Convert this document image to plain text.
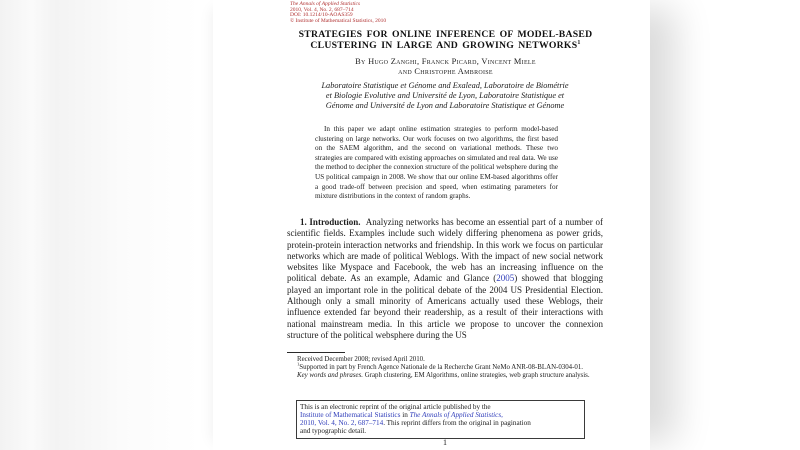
The Annals of Applied Statistics
2010, Vol. 4, No. 2, 687–714
DOI: 10.1214/10-AOAS359
© Institute of Mathematical Statistics, 2010
STRATEGIES FOR ONLINE INFERENCE OF MODEL-BASED
CLUSTERING IN LARGE AND GROWING NETWORKS$^1$
By Hugo Zanghi, Franck Picard, Vincent Miele
and Christophe Ambroise
Laboratoire Statistique et Génome and Exalead, Laboratoire de Biométrie
et Biologie Evolutive and Université de Lyon, Laboratoire Statistique et
Génome and Université de Lyon and Laboratoire Statistique et Génome
In this paper we adapt online estimation strategies to perform model-based clustering on large networks. Our work focuses on two algorithms, the first based on the SAEM algorithm, and the second on variational methods. These two strategies are compared with existing approaches on simulated and real data. We use the method to decipher the connexion structure of the political websphere during the US political campaign in 2008. We show that our online EM-based algorithms offer a good trade-off between precision and speed, when estimating parameters for mixture distributions in the context of random graphs.

1. Introduction. Analyzing networks has become an essential part of a number of scientific fields. Examples include such widely differing phenomena as power grids, protein-protein interaction networks and friendship. In this work we focus on particular networks which are made of political Weblogs. With the impact of new social network websites like Myspace and Facebook, the web has an increasing influence on the political debate. As an example, Adamic and Glance (2005) showed that blogging played an important role in the political debate of the 2004 US Presidential Election. Although only a small minority of Americans actually used these Weblogs, their influence extended far beyond their readership, as a result of their interactions with national mainstream media. In this article we propose to uncover the connexion structure of the political websphere during the US

Received December 2008; revised April 2010.

$^1$Supported in part by French Agence Nationale de la Recherche Grant NeMo ANR-08-BLAN-0304-01.

Key words and phrases. Graph clustering, EM Algorithms, online strategies, web graph structure analysis.

This is an electronic reprint of the original article published by the
Institute of Mathematical Statistics in The Annals of Applied Statistics,
2010, Vol. 4, No. 2, 687–714. This reprint differs from the original in pagination
and typographic detail.
1
